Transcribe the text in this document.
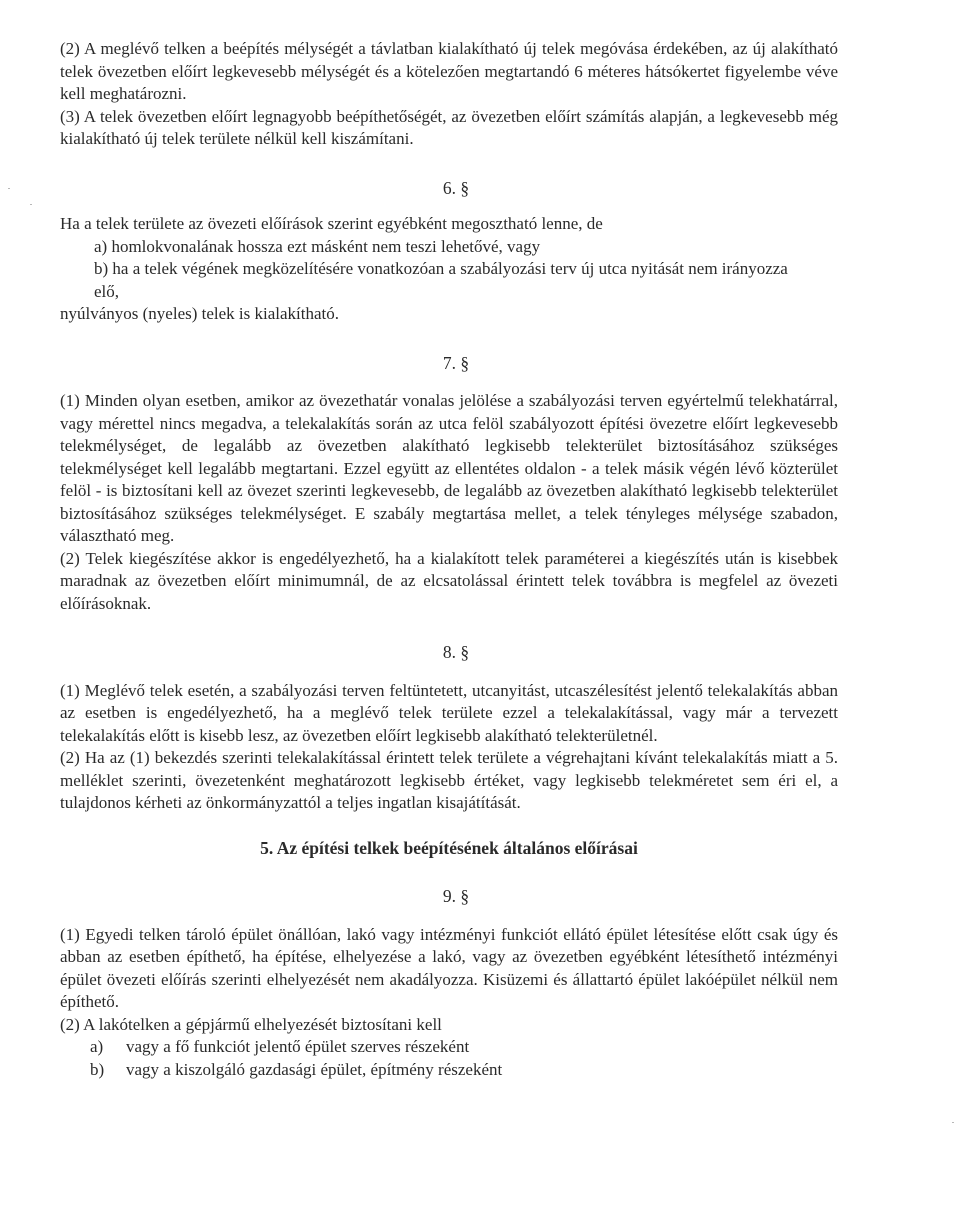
(2) A meglévő telken a beépítés mélységét a távlatban kialakítható új telek megóvása érdekében, az új alakítható telek övezetben előírt legkevesebb mélységét és a kötelezően megtartandó 6 méteres hátsókertet figyelembe véve kell meghatározni.

(3) A telek övezetben előírt legnagyobb beépíthetőségét, az övezetben előírt számítás alapján, a legkevesebb még kialakítható új telek területe nélkül kell kiszámítani.

6. §

Ha a telek területe az övezeti előírások szerint egyébként megosztható lenne, de

a) homlokvonalának hossza ezt másként nem teszi lehetővé, vagy

b) ha a telek végének megközelítésére vonatkozóan a szabályozási terv új utca nyitását nem irányozza elő,

nyúlványos (nyeles) telek is kialakítható.

7. §

(1) Minden olyan esetben, amikor az övezethatár vonalas jelölése a szabályozási terven egyértelmű telekhatárral, vagy mérettel nincs megadva, a telekalakítás során az utca felöl szabályozott építési övezetre előírt legkevesebb telekmélységet, de legalább az övezetben alakítható legkisebb telekterület biztosításához szükséges telekmélységet kell legalább megtartani. Ezzel együtt az ellentétes oldalon - a telek másik végén lévő közterület felöl - is biztosítani kell az övezet szerinti legkevesebb, de legalább az övezetben alakítható legkisebb telekterület biztosításához szükséges telekmélységet. E szabály megtartása mellet, a telek tényleges mélysége szabadon, választható meg.

(2) Telek kiegészítése akkor is engedélyezhető, ha a kialakított telek paraméterei a kiegészítés után is kisebbek maradnak az övezetben előírt minimumnál, de az elcsatolással érintett telek továbbra is megfelel az övezeti előírásoknak.

8. §

(1) Meglévő telek esetén, a szabályozási terven feltüntetett, utcanyitást, utcaszélesítést jelentő telekalakítás abban az esetben is engedélyezhető, ha a meglévő telek területe ezzel a telekalakítással, vagy már a tervezett telekalakítás előtt is kisebb lesz, az övezetben előírt legkisebb alakítható telekterületnél.

(2) Ha az (1) bekezdés szerinti telekalakítással érintett telek területe a végrehajtani kívánt telekalakítás miatt a 5. melléklet szerinti, övezetenként meghatározott legkisebb értéket, vagy legkisebb telekméretet sem éri el, a tulajdonos kérheti az önkormányzattól a teljes ingatlan kisajátítását.

5. Az építési telkek beépítésének általános előírásai

9. §

(1) Egyedi telken tároló épület önállóan, lakó vagy intézményi funkciót ellátó épület létesítése előtt csak úgy és abban az esetben építhető, ha építése, elhelyezése a lakó, vagy az övezetben egyébként létesíthető intézményi épület övezeti előírás szerinti elhelyezését nem akadályozza. Kisüzemi és állattartó épület lakóépület nélkül nem építhető.

(2) A lakótelken a gépjármű elhelyezését biztosítani kell

a)	vagy a fő funkciót jelentő épület szerves részeként
b)	vagy a kiszolgáló gazdasági épület, építmény részeként
